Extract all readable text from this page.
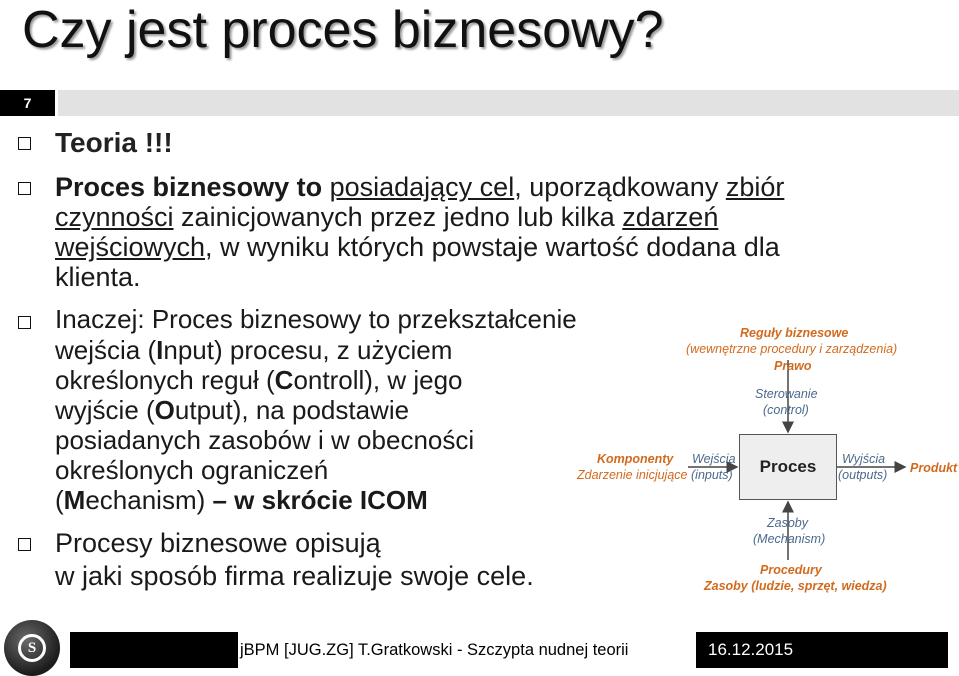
Czy jest proces biznesowy?
7
Teoria !!!
Proces biznesowy to posiadający cel, uporządkowany zbiór
czynności zainicjowanych przez jedno lub kilka zdarzeń
wejściowych, w wyniku których powstaje wartość dodana dla
klienta.
Inaczej: Proces biznesowy to przekształcenie
wejścia (Input) procesu, z użyciem
określonych reguł (Controll), w jego
wyjście (Output), na podstawie
posiadanych zasobów i w obecności
określonych ograniczeń
(Mechanism) – w skrócie ICOM
Procesy biznesowe opisują
w jaki sposób firma realizuje swoje cele.
Proces
Reguły biznesowe
(wewnętrzne procedury i zarządzenia)
Prawo
Sterowanie
(control)
Komponenty
Zdarzenie inicjujące
Wejścia
(inputs)
Wyjścia
(outputs) Produkt
Zasoby
(Mechanism)
Procedury
Zasoby (ludzie, sprzęt, wiedza)
S	jBPM [JUG.ZG] T.Gratkowski - Szczypta nudnej teorii	16.12.2015
